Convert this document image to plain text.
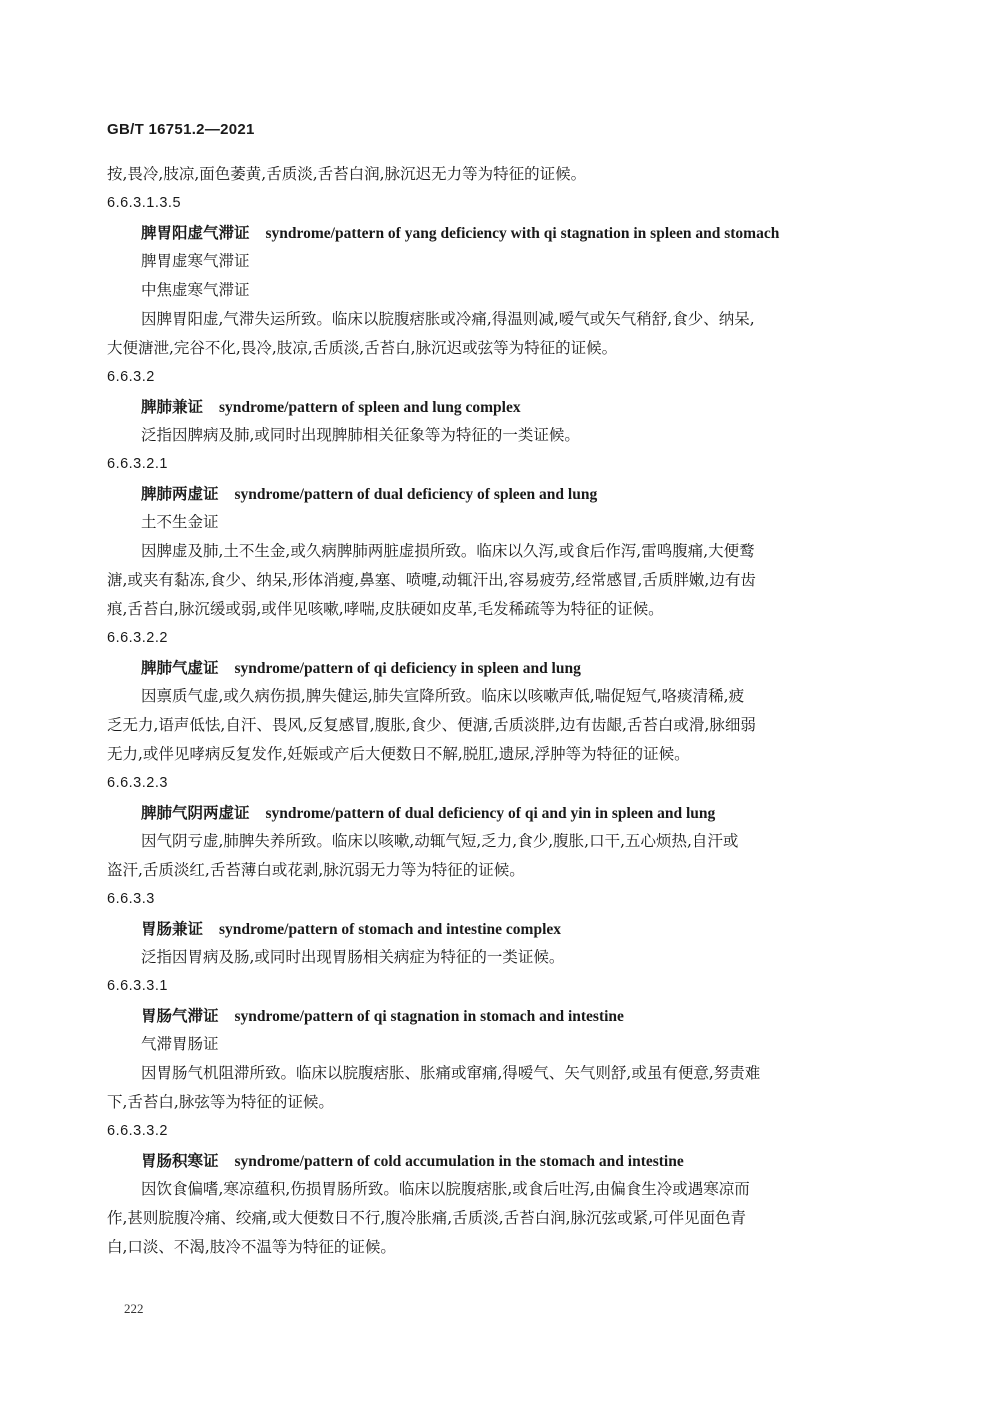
GB/T 16751.2—2021
按,畏冷,肢凉,面色萎黄,舌质淡,舌苔白润,脉沉迟无力等为特征的证候。
6.6.3.1.3.5
脾胃阳虚气滞证 syndrome/pattern of yang deficiency with qi stagnation in spleen and stomach
脾胃虚寒气滞证
中焦虚寒气滞证
因脾胃阳虚,气滞失运所致。临床以脘腹痞胀或冷痛,得温则减,嗳气或矢气稍舒,食少、纳呆,
大便溏泄,完谷不化,畏冷,肢凉,舌质淡,舌苔白,脉沉迟或弦等为特征的证候。
6.6.3.2
脾肺兼证 syndrome/pattern of spleen and lung complex
泛指因脾病及肺,或同时出现脾肺相关征象等为特征的一类证候。
6.6.3.2.1
脾肺两虚证 syndrome/pattern of dual deficiency of spleen and lung
土不生金证
因脾虚及肺,土不生金,或久病脾肺两脏虚损所致。临床以久泻,或食后作泻,雷鸣腹痛,大便鹜
溏,或夹有黏冻,食少、纳呆,形体消瘦,鼻塞、喷嚏,动辄汗出,容易疲劳,经常感冒,舌质胖嫩,边有齿
痕,舌苔白,脉沉缓或弱,或伴见咳嗽,哮喘,皮肤硬如皮革,毛发稀疏等为特征的证候。
6.6.3.2.2
脾肺气虚证 syndrome/pattern of qi deficiency in spleen and lung
因禀质气虚,或久病伤损,脾失健运,肺失宣降所致。临床以咳嗽声低,喘促短气,咯痰清稀,疲
乏无力,语声低怯,自汗、畏风,反复感冒,腹胀,食少、便溏,舌质淡胖,边有齿龈,舌苔白或滑,脉细弱
无力,或伴见哮病反复发作,妊娠或产后大便数日不解,脱肛,遗尿,浮肿等为特征的证候。
6.6.3.2.3
脾肺气阴两虚证 syndrome/pattern of dual deficiency of qi and yin in spleen and lung
因气阴亏虚,肺脾失养所致。临床以咳嗽,动辄气短,乏力,食少,腹胀,口干,五心烦热,自汗或
盗汗,舌质淡红,舌苔薄白或花剥,脉沉弱无力等为特征的证候。
6.6.3.3
胃肠兼证 syndrome/pattern of stomach and intestine complex
泛指因胃病及肠,或同时出现胃肠相关病症为特征的一类证候。
6.6.3.3.1
胃肠气滞证 syndrome/pattern of qi stagnation in stomach and intestine
气滞胃肠证
因胃肠气机阻滞所致。临床以脘腹痞胀、胀痛或窜痛,得嗳气、矢气则舒,或虽有便意,努责难
下,舌苔白,脉弦等为特征的证候。
6.6.3.3.2
胃肠积寒证 syndrome/pattern of cold accumulation in the stomach and intestine
因饮食偏嗜,寒凉蕴积,伤损胃肠所致。临床以脘腹痞胀,或食后吐泻,由偏食生冷或遇寒凉而
作,甚则脘腹冷痛、绞痛,或大便数日不行,腹冷胀痛,舌质淡,舌苔白润,脉沉弦或紧,可伴见面色青
白,口淡、不渴,肢冷不温等为特征的证候。
222
